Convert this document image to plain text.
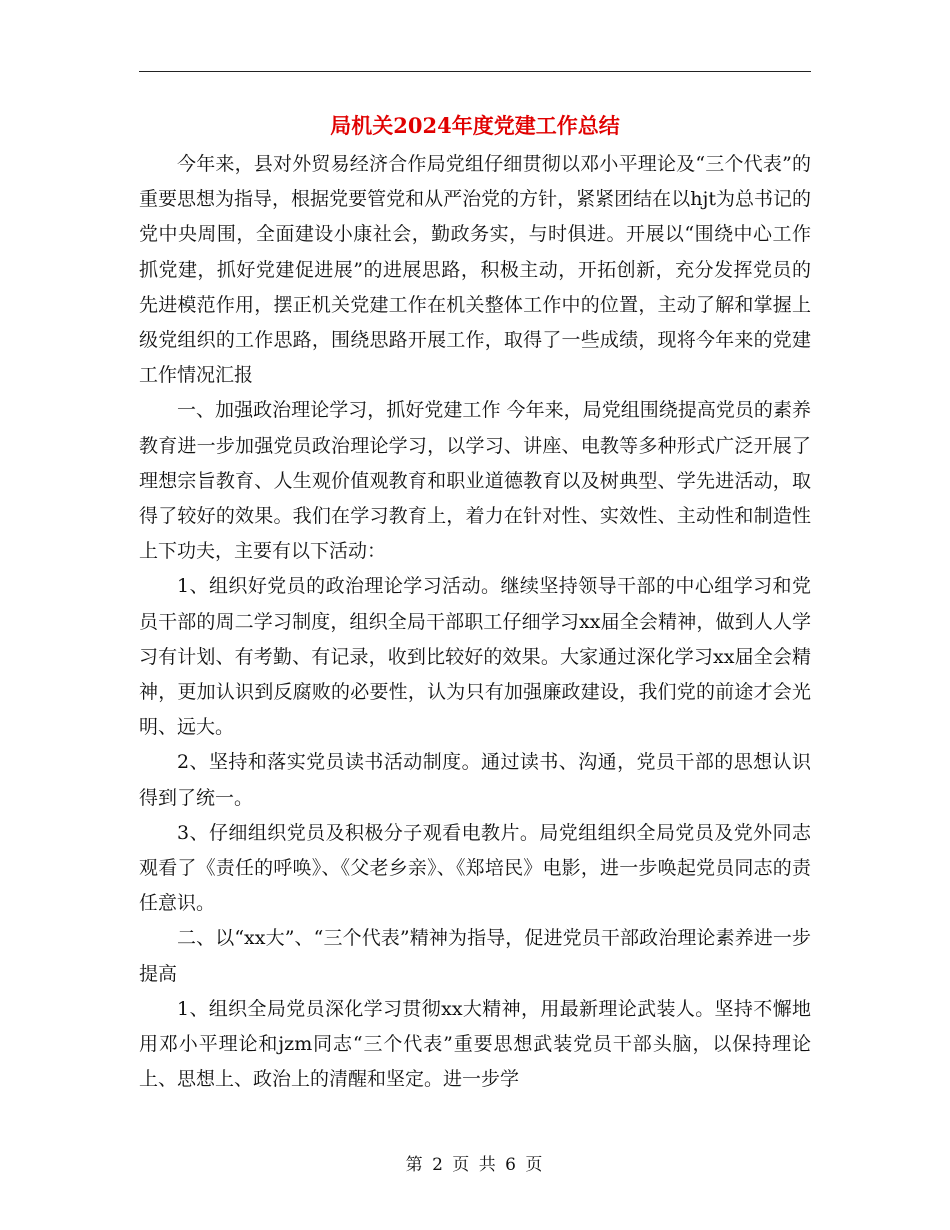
局机关2024年度党建工作总结

今年来，县对外贸易经济合作局党组仔细贯彻以邓小平理论及“三个代表”的重要思想为指导，根据党要管党和从严治党的方针，紧紧团结在以hjt为总书记的党中央周围，全面建设小康社会，勤政务实，与时俱进。开展以“围绕中心工作抓党建，抓好党建促进展”的进展思路，积极主动，开拓创新，充分发挥党员的先进模范作用，摆正机关党建工作在机关整体工作中的位置，主动了解和掌握上级党组织的工作思路，围绕思路开展工作，取得了一些成绩，现将今年来的党建工作情况汇报

一、加强政治理论学习，抓好党建工作 今年来，局党组围绕提高党员的素养教育进一步加强党员政治理论学习，以学习、讲座、电教等多种形式广泛开展了理想宗旨教育、人生观价值观教育和职业道德教育以及树典型、学先进活动，取得了较好的效果。我们在学习教育上，着力在针对性、实效性、主动性和制造性上下功夫，主要有以下活动：

1、组织好党员的政治理论学习活动。继续坚持领导干部的中心组学习和党员干部的周二学习制度，组织全局干部职工仔细学习xx届全会精神，做到人人学习有计划、有考勤、有记录，收到比较好的效果。大家通过深化学习xx届全会精神，更加认识到反腐败的必要性，认为只有加强廉政建设，我们党的前途才会光明、远大。

2、坚持和落实党员读书活动制度。通过读书、沟通，党员干部的思想认识得到了统一。

3、仔细组织党员及积极分子观看电教片。局党组组织全局党员及党外同志观看了《责任的呼唤》、《父老乡亲》、《郑培民》电影，进一步唤起党员同志的责任意识。

二、以“xx大”、“三个代表”精神为指导，促进党员干部政治理论素养进一步提高

1、组织全局党员深化学习贯彻xx大精神，用最新理论武装人。坚持不懈地用邓小平理论和jzm同志“三个代表”重要思想武装党员干部头脑，以保持理论上、思想上、政治上的清醒和坚定。进一步学

第 2 页 共 6 页
